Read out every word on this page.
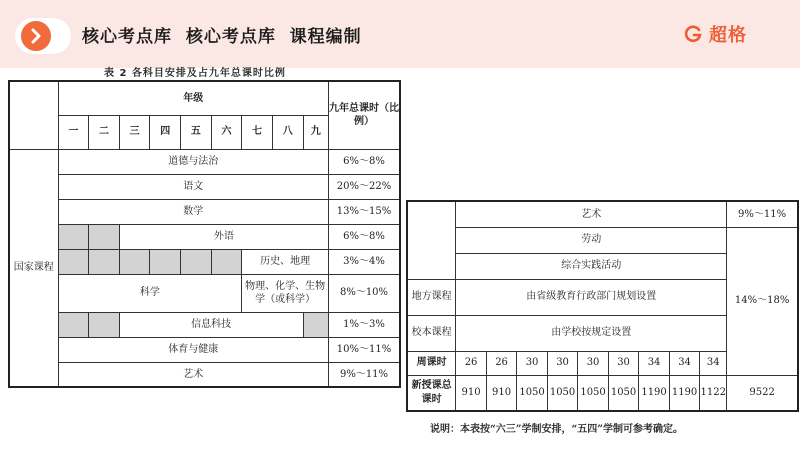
核心考点库  核心考点库  课程编制	超格
表 2 各科目安排及占九年总课时比例
	年级									九年总课时（比例）
	一	二	三	四	五	六	七	八	九	
国家课程	道德与法治									6%～8%
	语文									20%～22%
	数学									13%～15%
			外语							6%～8%
							历史、地理			3%～4%
	科学						物理、化学、生物学（或科学）			8%～10%
			信息科技							1%～3%
	体育与健康									10%～11%
	艺术									9%～11%
	艺术									9%～11%
	劳动									14%～18%
	综合实践活动									
地方课程	由省级教育行政部门规划设置									
校本课程	由学校按规定设置									
周课时	26	26	30	30	30	30	34	34	34	
新授课总课时	910	910	1050	1050	1050	1050	1190	1190	1122	9522
说明：本表按“六三”学制安排，“五四”学制可参考确定。
